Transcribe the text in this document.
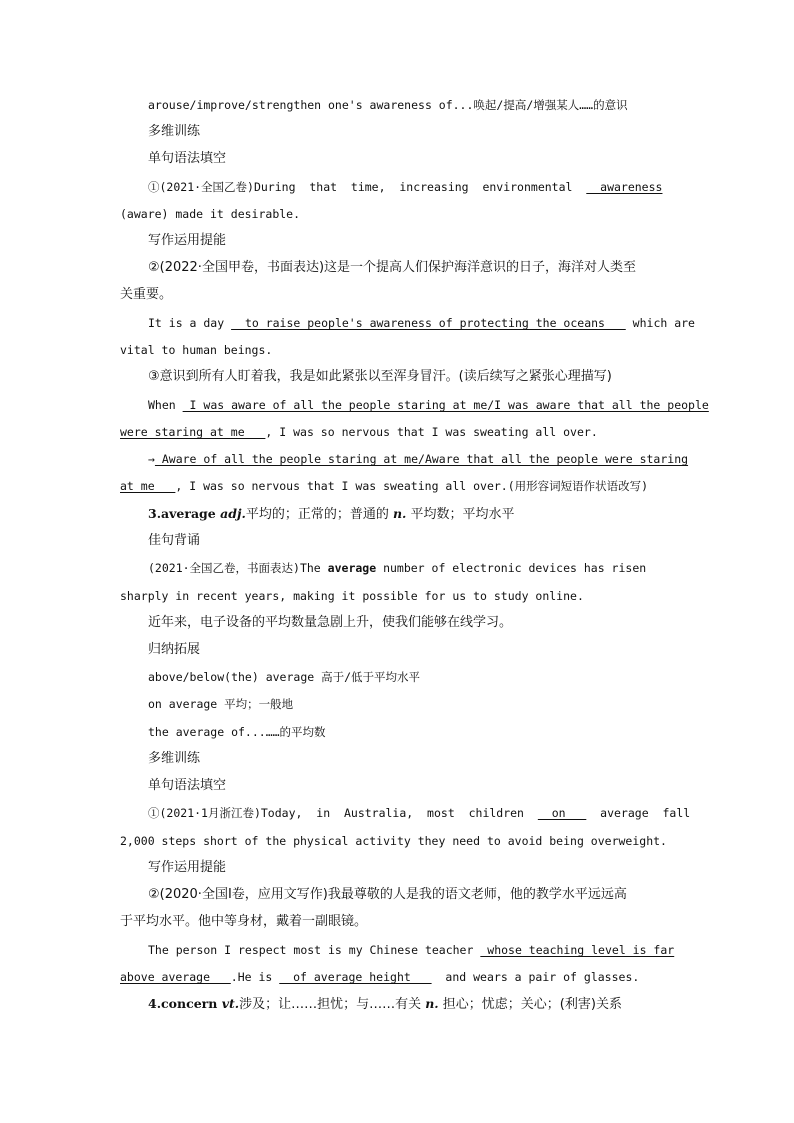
arouse/improve/strengthen one's awareness of...唤起/提高/增强某人……的意识
多维训练
单句语法填空
①(2021·全国乙卷)During  that  time,  increasing  environmental    awareness
(aware) made it desirable.
写作运用提能
②(2022·全国甲卷，书面表达)这是一个提高人们保护海洋意识的日子，海洋对人类至
关重要。
It is a day   to raise people's awareness of protecting the oceans    which are
vital to human beings.
③意识到所有人盯着我，我是如此紧张以至浑身冒汗。(读后续写之紧张心理描写)
When  I was aware of all the people staring at me/I was aware that all the people
were staring at me   , I was so nervous that I was sweating all over.
→ Aware of all the people staring at me/Aware that all the people were staring
at me   , I was so nervous that I was sweating all over.(用形容词短语作状语改写)
3.average adj.平均的；正常的；普通的 n. 平均数；平均水平
佳句背诵
(2021·全国乙卷，书面表达)The average number of electronic devices has risen
sharply in recent years, making it possible for us to study online.
近年来，电子设备的平均数量急剧上升，使我们能够在线学习。
归纳拓展
above/below(the) average 高于/低于平均水平
on average 平均；一般地
the average of...……的平均数
多维训练
单句语法填空
①(2021·1月浙江卷)Today,  in  Australia,  most  children    on     average  fall
2,000 steps short of the physical activity they need to avoid being overweight.
写作运用提能
②(2020·全国Ⅰ卷，应用文写作)我最尊敬的人是我的语文老师，他的教学水平远远高
于平均水平。他中等身材，戴着一副眼镜。
The person I respect most is my Chinese teacher  whose teaching level is far
above average   .He is   of average height     and wears a pair of glasses.
4.concern vt.涉及；让……担忧；与……有关 n. 担心；忧虑；关心；(利害)关系
